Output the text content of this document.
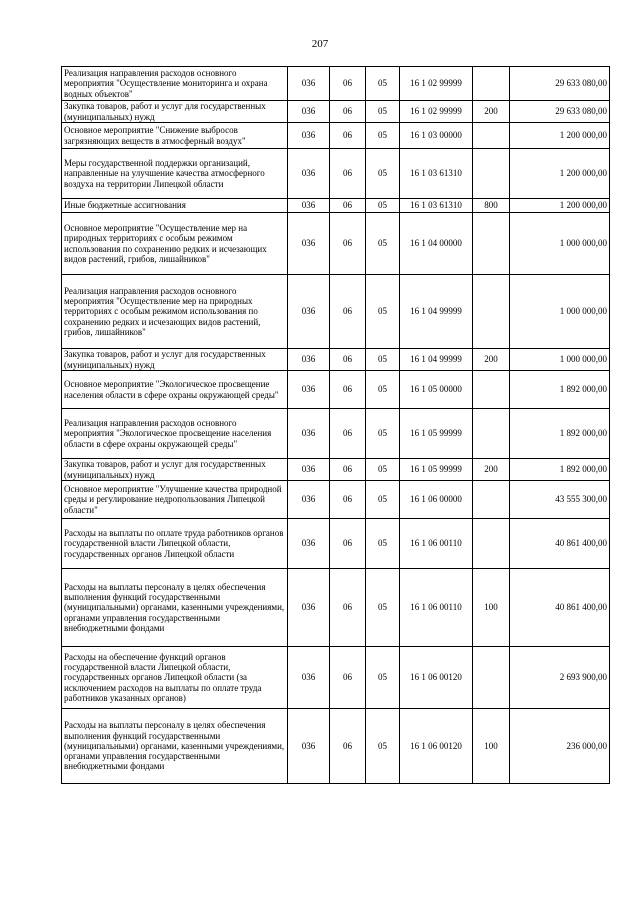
207
Реализация направления расходов основного мероприятия "Осуществление мониторинга и охрана водных объектов"	036	06	05	16 1 02 99999		29 633 080,00
Закупка товаров, работ и услуг для государственных (муниципальных) нужд	036	06	05	16 1 02 99999	200	29 633 080,00
Основное мероприятие "Снижение выбросов загрязняющих веществ в атмосферный воздух"	036	06	05	16 1 03 00000		1 200 000,00
Меры государственной поддержки организаций, направленные на улучшение качества атмосферного воздуха на территории Липецкой области	036	06	05	16 1 03 61310		1 200 000,00
Иные бюджетные ассигнования	036	06	05	16 1 03 61310	800	1 200 000,00
Основное мероприятие "Осуществление мер на природных территориях с особым режимом использования по сохранению редких и исчезающих видов растений, грибов, лишайников"	036	06	05	16 1 04 00000		1 000 000,00
Реализация направления расходов основного мероприятия "Осуществление мер на природных территориях с особым режимом использования по сохранению редких и исчезающих видов растений, грибов, лишайников"	036	06	05	16 1 04 99999		1 000 000,00
Закупка товаров, работ и услуг для государственных (муниципальных) нужд	036	06	05	16 1 04 99999	200	1 000 000,00
Основное мероприятие "Экологическое просвещение населения области в сфере охраны окружающей среды"	036	06	05	16 1 05 00000		1 892 000,00
Реализация направления расходов основного мероприятия "Экологическое просвещение населения области в сфере охраны окружающей среды"	036	06	05	16 1 05 99999		1 892 000,00
Закупка товаров, работ и услуг для государственных (муниципальных) нужд	036	06	05	16 1 05 99999	200	1 892 000,00
Основное мероприятие "Улучшение качества природной среды и регулирование недропользования Липецкой области"	036	06	05	16 1 06 00000		43 555 300,00
Расходы на выплаты по оплате труда работников органов государственной власти Липецкой области, государственных органов Липецкой области	036	06	05	16 1 06 00110		40 861 400,00
Расходы на выплаты персоналу в целях обеспечения выполнения функций государственными (муниципальными) органами, казенными учреждениями, органами управления государственными внебюджетными фондами	036	06	05	16 1 06 00110	100	40 861 400,00
Расходы на обеспечение функций органов государственной власти Липецкой области, государственных органов Липецкой области (за исключением расходов на выплаты по оплате труда работников указанных органов)	036	06	05	16 1 06 00120		2 693 900,00
Расходы на выплаты персоналу в целях обеспечения выполнения функций государственными (муниципальными) органами, казенными учреждениями, органами управления государственными внебюджетными фондами	036	06	05	16 1 06 00120	100	236 000,00
